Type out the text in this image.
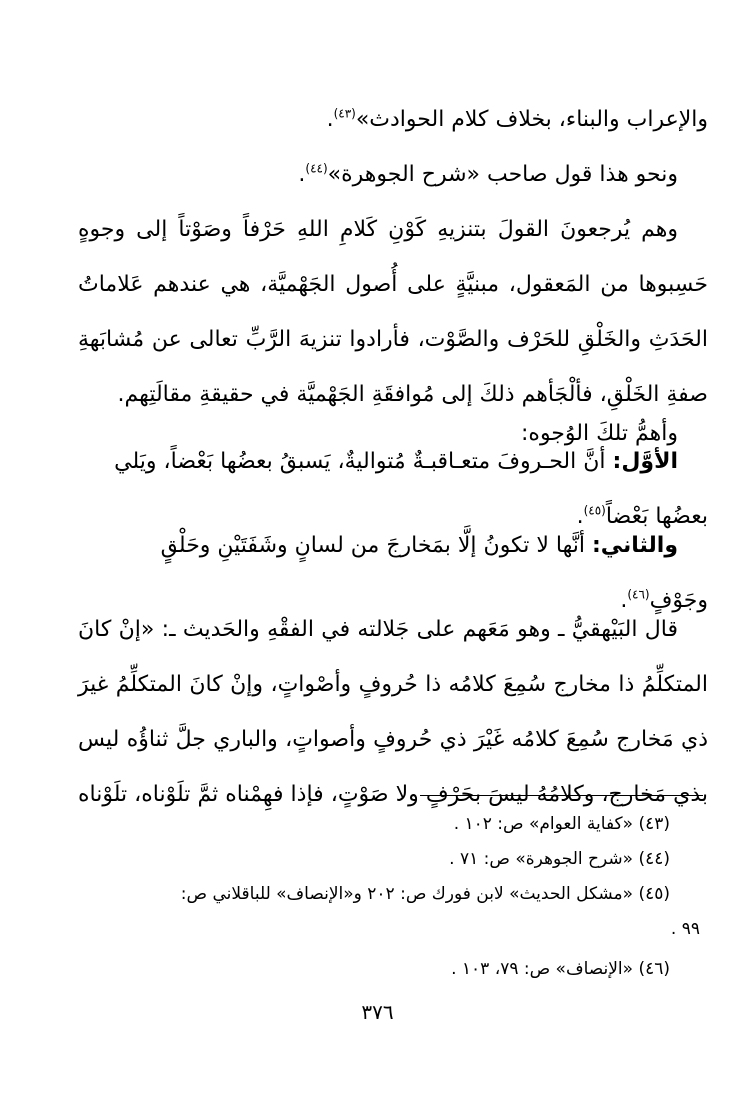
والإعراب والبناء، بخلاف كلام الحوادث»$^{(٤٣)}$.
ونحو هذا قول صاحب «شرح الجوهرة»$^{(٤٤)}$.
وهم يُرجعونَ القولَ بتنزيهِ كَوْنِ كَلامِ اللهِ حَرْفاً وصَوْتاً إلى وجوهٍ
حَسِبوها من المَعقول، مبنيَّةٍ على أُصول الجَهْميَّة، هي عندهم عَلاماتُ
الحَدَثِ والخَلْقِ للحَرْف والصَّوْت، فأرادوا تنزيهَ الرَّبِّ تعالى عن مُشابَهةِ
صفةِ الخَلْقِ، فألْجَأهم ذلكَ إلى مُوافقَةِ الجَهْميَّة في حقيقةِ مقالَتِهم.
وأهمُّ تلكَ الوُجوه:
الأوَّل: أنَّ الحـروفَ متعـاقبـةٌ مُتواليةٌ، يَسبقُ بعضُها بَعْضاً، ويَلي
بعضُها بَعْضاً$^{(٤٥)}$.
والثاني: أنَّها لا تكونُ إلَّا بمَخارجَ من لسانٍ وشَفَتَيْنِ وحَلْقٍ
وجَوْفٍ$^{(٤٦)}$.
قال البَيْهقيُّ ـ وهو مَعَهم على جَلالته في الفقْهِ والحَديث ـ: «إنْ كانَ
المتكلِّمُ ذا مخارج سُمِعَ كلامُه ذا حُروفٍ وأصْواتٍ، وإنْ كانَ المتكلِّمُ غيرَ
ذي مَخارج سُمِعَ كلامُه غَيْرَ ذي حُروفٍ وأصواتٍ، والباري جلَّ ثناؤُه ليس
بذي مَخارج، وكلامُهُ ليسَ بحَرْفٍ ولا صَوْتٍ، فإذا فهِمْناه ثمَّ تلَوْناه، تلَوْناه
(٤٣) «كفاية العوام» ص: ١٠٢ .
(٤٤) «شرح الجوهرة» ص: ٧١ .
(٤٥) «مشكل الحديث» لابن فورك ص: ٢٠٢ و«الإنصاف» للباقلاني ص:
٩٩ .
(٤٦) «الإنصاف» ص: ٧٩، ١٠٣ .
٣٧٦
